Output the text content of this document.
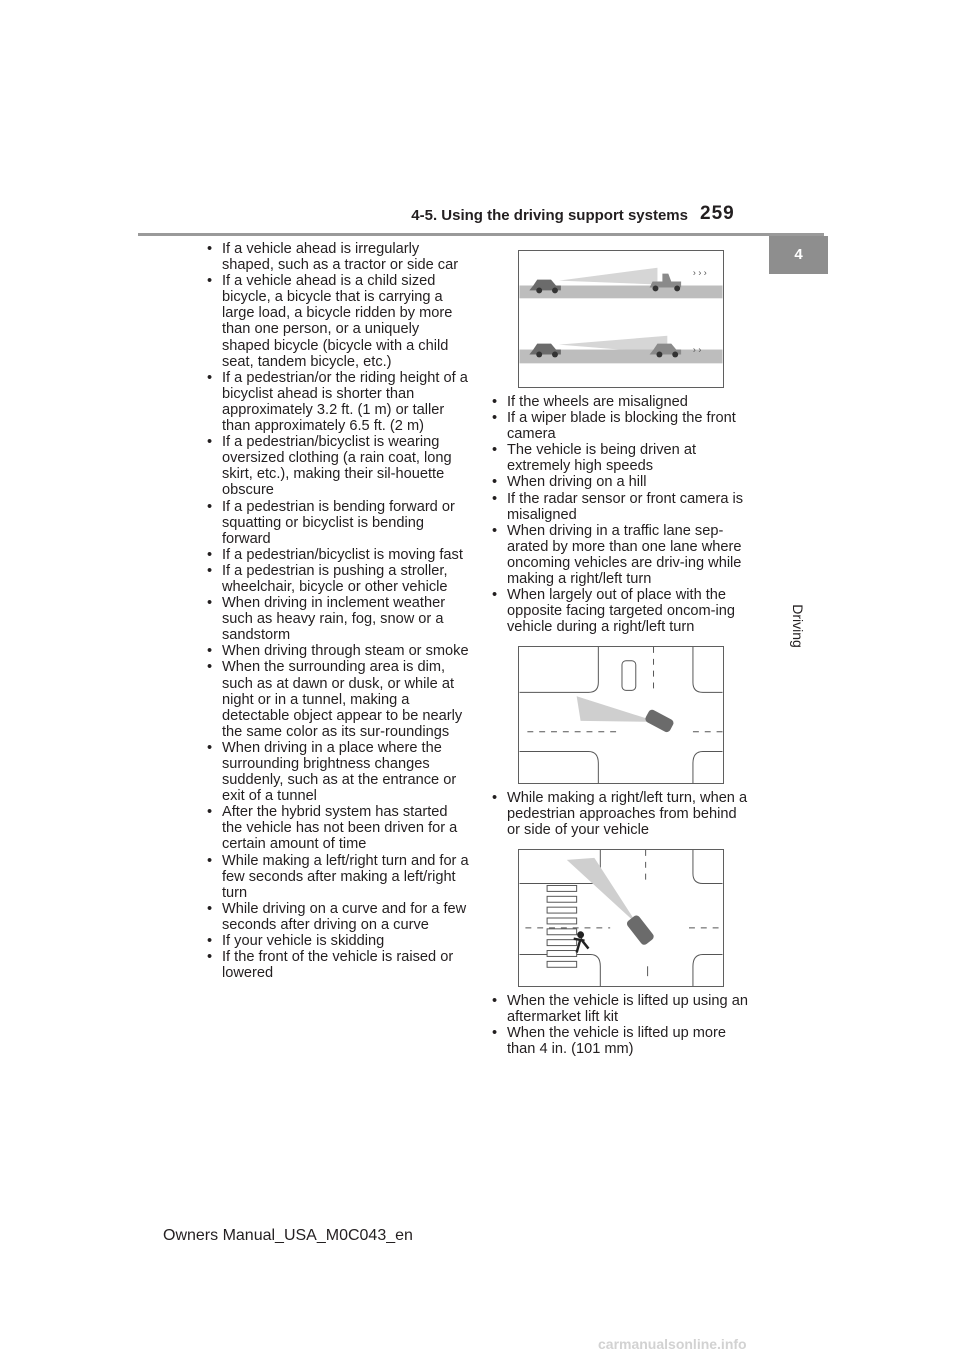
4-5. Using the driving support systems 259
4
Driving
• If a vehicle ahead is irregularly shaped, such as a tractor or side car
• If a vehicle ahead is a child sized bicycle, a bicycle that is carrying a large load, a bicycle ridden by more than one person, or a uniquely shaped bicycle (bicycle with a child seat, tandem bicycle, etc.)
• If a pedestrian/or the riding height of a bicyclist ahead is shorter than approximately 3.2 ft. (1 m) or taller than approximately 6.5 ft. (2 m)
• If a pedestrian/bicyclist is wearing oversized clothing (a rain coat, long skirt, etc.), making their sil-houette obscure
• If a pedestrian is bending forward or squatting or bicyclist is bending forward
• If a pedestrian/bicyclist is moving fast
• If a pedestrian is pushing a stroller, wheelchair, bicycle or other vehicle
• When driving in inclement weather such as heavy rain, fog, snow or a sandstorm
• When driving through steam or smoke
• When the surrounding area is dim, such as at dawn or dusk, or while at night or in a tunnel, making a detectable object appear to be nearly the same color as its sur-roundings
• When driving in a place where the surrounding brightness changes suddenly, such as at the entrance or exit of a tunnel
• After the hybrid system has started the vehicle has not been driven for a certain amount of time
• While making a left/right turn and for a few seconds after making a left/right turn
• While driving on a curve and for a few seconds after driving on a curve
• If your vehicle is skidding
• If the front of the vehicle is raised or lowered
› › ›
› ›
• If the wheels are misaligned
• If a wiper blade is blocking the front camera
• The vehicle is being driven at extremely high speeds
• When driving on a hill
• If the radar sensor or front camera is misaligned
• When driving in a traffic lane sep-arated by more than one lane where oncoming vehicles are driv-ing while making a right/left turn
• When largely out of place with the opposite facing targeted oncom-ing vehicle during a right/left turn
• While making a right/left turn, when a pedestrian approaches from behind or side of your vehicle
• When the vehicle is lifted up using an aftermarket lift kit
• When the vehicle is lifted up more than 4 in. (101 mm)
Owners Manual_USA_M0C043_en
carmanualsonline.info
